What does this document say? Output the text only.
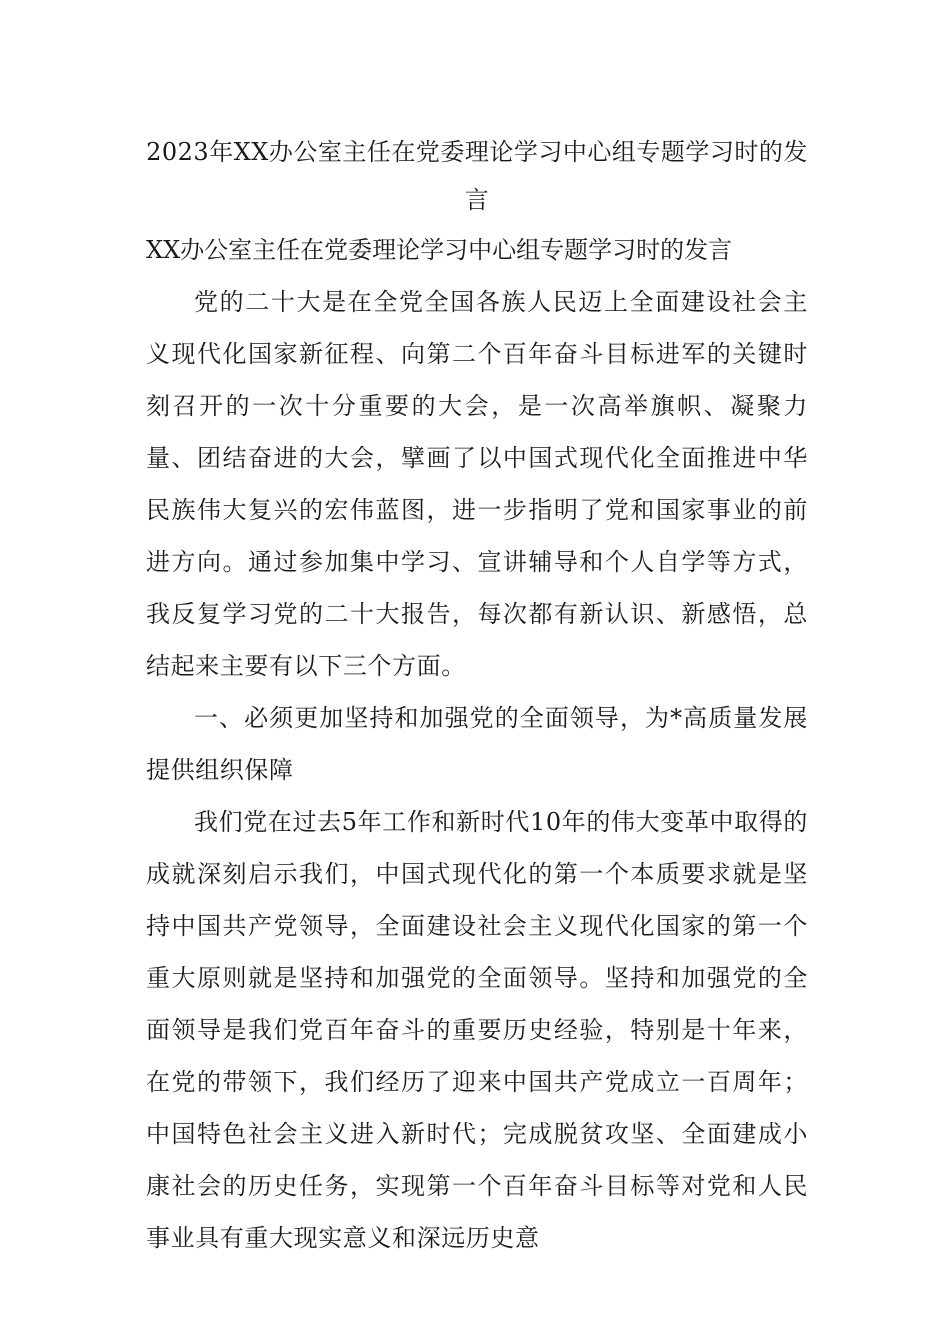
2023年XX办公室主任在党委理论学习中心组专题学习时的发言

XX办公室主任在党委理论学习中心组专题学习时的发言

党的二十大是在全党全国各族人民迈上全面建设社会主义现代化国家新征程、向第二个百年奋斗目标进军的关键时刻召开的一次十分重要的大会，是一次高举旗帜、凝聚力量、团结奋进的大会，擘画了以中国式现代化全面推进中华民族伟大复兴的宏伟蓝图，进一步指明了党和国家事业的前进方向。通过参加集中学习、宣讲辅导和个人自学等方式，我反复学习党的二十大报告，每次都有新认识、新感悟，总结起来主要有以下三个方面。

一、必须更加坚持和加强党的全面领导，为*高质量发展提供组织保障

我们党在过去5年工作和新时代10年的伟大变革中取得的成就深刻启示我们，中国式现代化的第一个本质要求就是坚持中国共产党领导，全面建设社会主义现代化国家的第一个重大原则就是坚持和加强党的全面领导。坚持和加强党的全面领导是我们党百年奋斗的重要历史经验，特别是十年来，在党的带领下，我们经历了迎来中国共产党成立一百周年；中国特色社会主义进入新时代；完成脱贫攻坚、全面建成小康社会的历史任务，实现第一个百年奋斗目标等对党和人民事业具有重大现实意义和深远历史意
